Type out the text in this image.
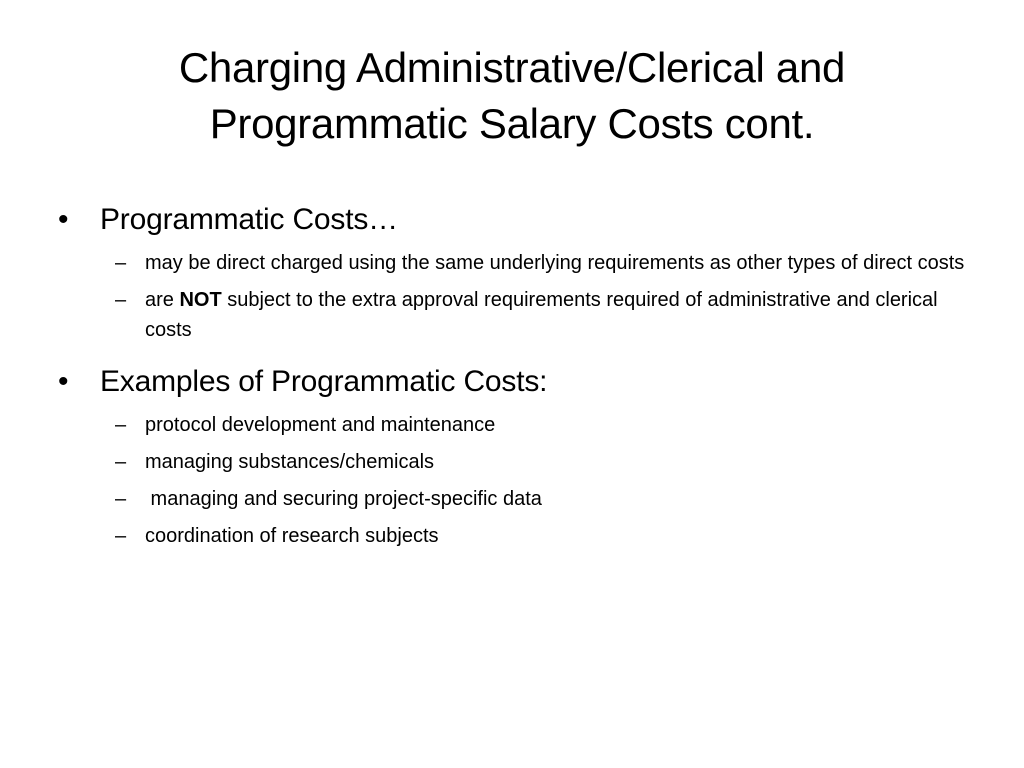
Charging Administrative/Clerical and
Programmatic Salary Costs cont.
•	Programmatic Costs…
– may be direct charged using the same underlying requirements as other types of direct costs
– are NOT subject to the extra approval requirements required of administrative and clerical costs
•	Examples of Programmatic Costs:
– protocol development and maintenance
– managing substances/chemicals
– managing and securing project-specific data
– coordination of research subjects
